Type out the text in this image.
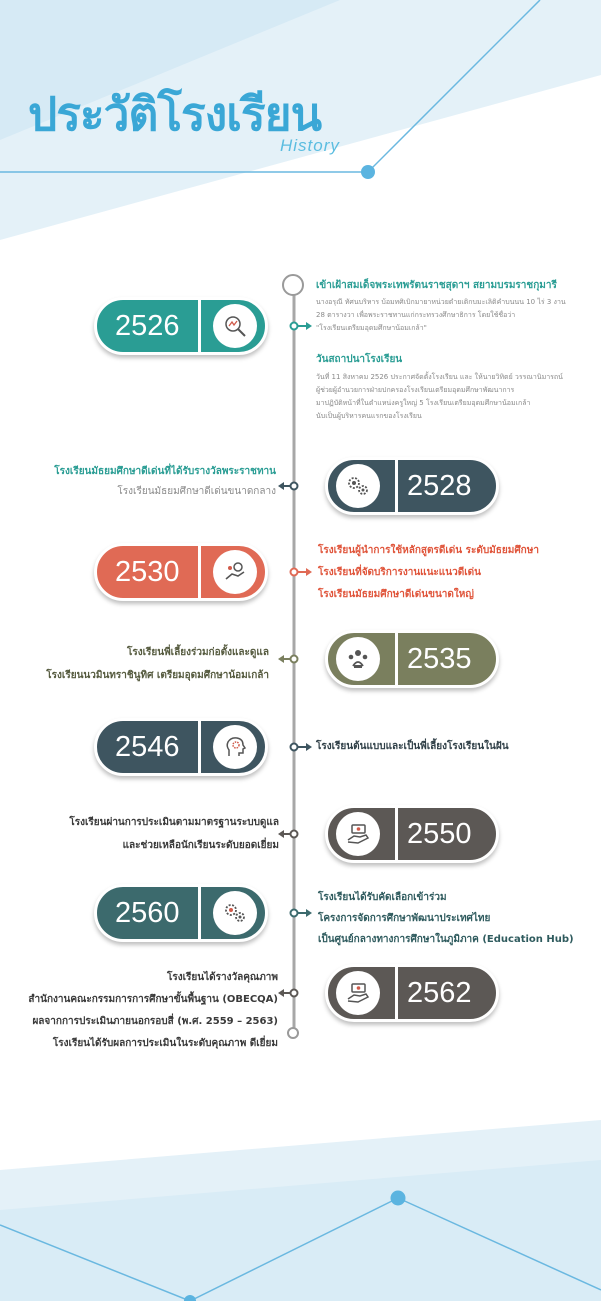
ประวัติโรงเรียน
History
2526
เข้าเฝ้าสมเด็จพระเทพรัตนราชสุดาฯ สยามบรมราชกุมารี
นางอรุณี ทัศนบริหาร บ้อมทศิเบิกมายาหน่วยตำยเติกบมะเลิติคำบนนน 10 ไร่ 3 งาน
28 ตารางวา เพื่อพระราชทานแก่กระทรวงศึกษาธิการ โดยใช้ชื่อว่า
"โรงเรียนเตรียมอุดมศึกษาน้อมเกล้า"
วันสถาปนาโรงเรียน
วันที่ 11 สิงหาคม 2526 ประกาศจัดตั้งโรงเรียน และ ให้นายวิทิตย์ วรรณานิมารถน์
ผู้ช่วยผู้อำนวยการฝ่ายปกครองโรงเรียนเตรียมอุดมศึกษาพัฒนาการ
มาปฏิบัติหน้าที่ในตำแหน่งครูใหญ่ 5 โรงเรียนเตรียมอุดมศึกษาน้อมเกล้า
นับเป็นผู้บริหารคนแรกของโรงเรียน
2528
โรงเรียนมัธยมศึกษาดีเด่นที่ได้รับรางวัลพระราชทาน
โรงเรียนมัธยมศึกษาดีเด่นขนาดกลาง
2530
โรงเรียนผู้นำการใช้หลักสูตรดีเด่น ระดับมัธยมศึกษา
โรงเรียนที่จัดบริการงานแนะแนวดีเด่น
โรงเรียนมัธยมศึกษาดีเด่นขนาดใหญ่
2535
โรงเรียนพี่เลี้ยงร่วมก่อตั้งและดูแล
โรงเรียนนวมินทราชินูทิศ เตรียมอุดมศึกษาน้อมเกล้า
2546	โรงเรียนต้นแบบและเป็นพี่เลี้ยงโรงเรียนในฝัน
2550
โรงเรียนผ่านการประเมินตามมาตรฐานระบบดูแล
และช่วยเหลือนักเรียนระดับยอดเยี่ยม
2560	โรงเรียนได้รับคัดเลือกเข้าร่วม
โครงการจัดการศึกษาพัฒนาประเทศไทย
เป็นศูนย์กลางทางการศึกษาในภูมิภาค (Education Hub)
2562
โรงเรียนได้รางวัลคุณภาพ
สำนักงานคณะกรรมการการศึกษาขั้นพื้นฐาน (OBECQA)
ผลจากการประเมินภายนอกรอบสี่ (พ.ศ. 2559 – 2563)
โรงเรียนได้รับผลการประเมินในระดับคุณภาพ ดีเยี่ยม
